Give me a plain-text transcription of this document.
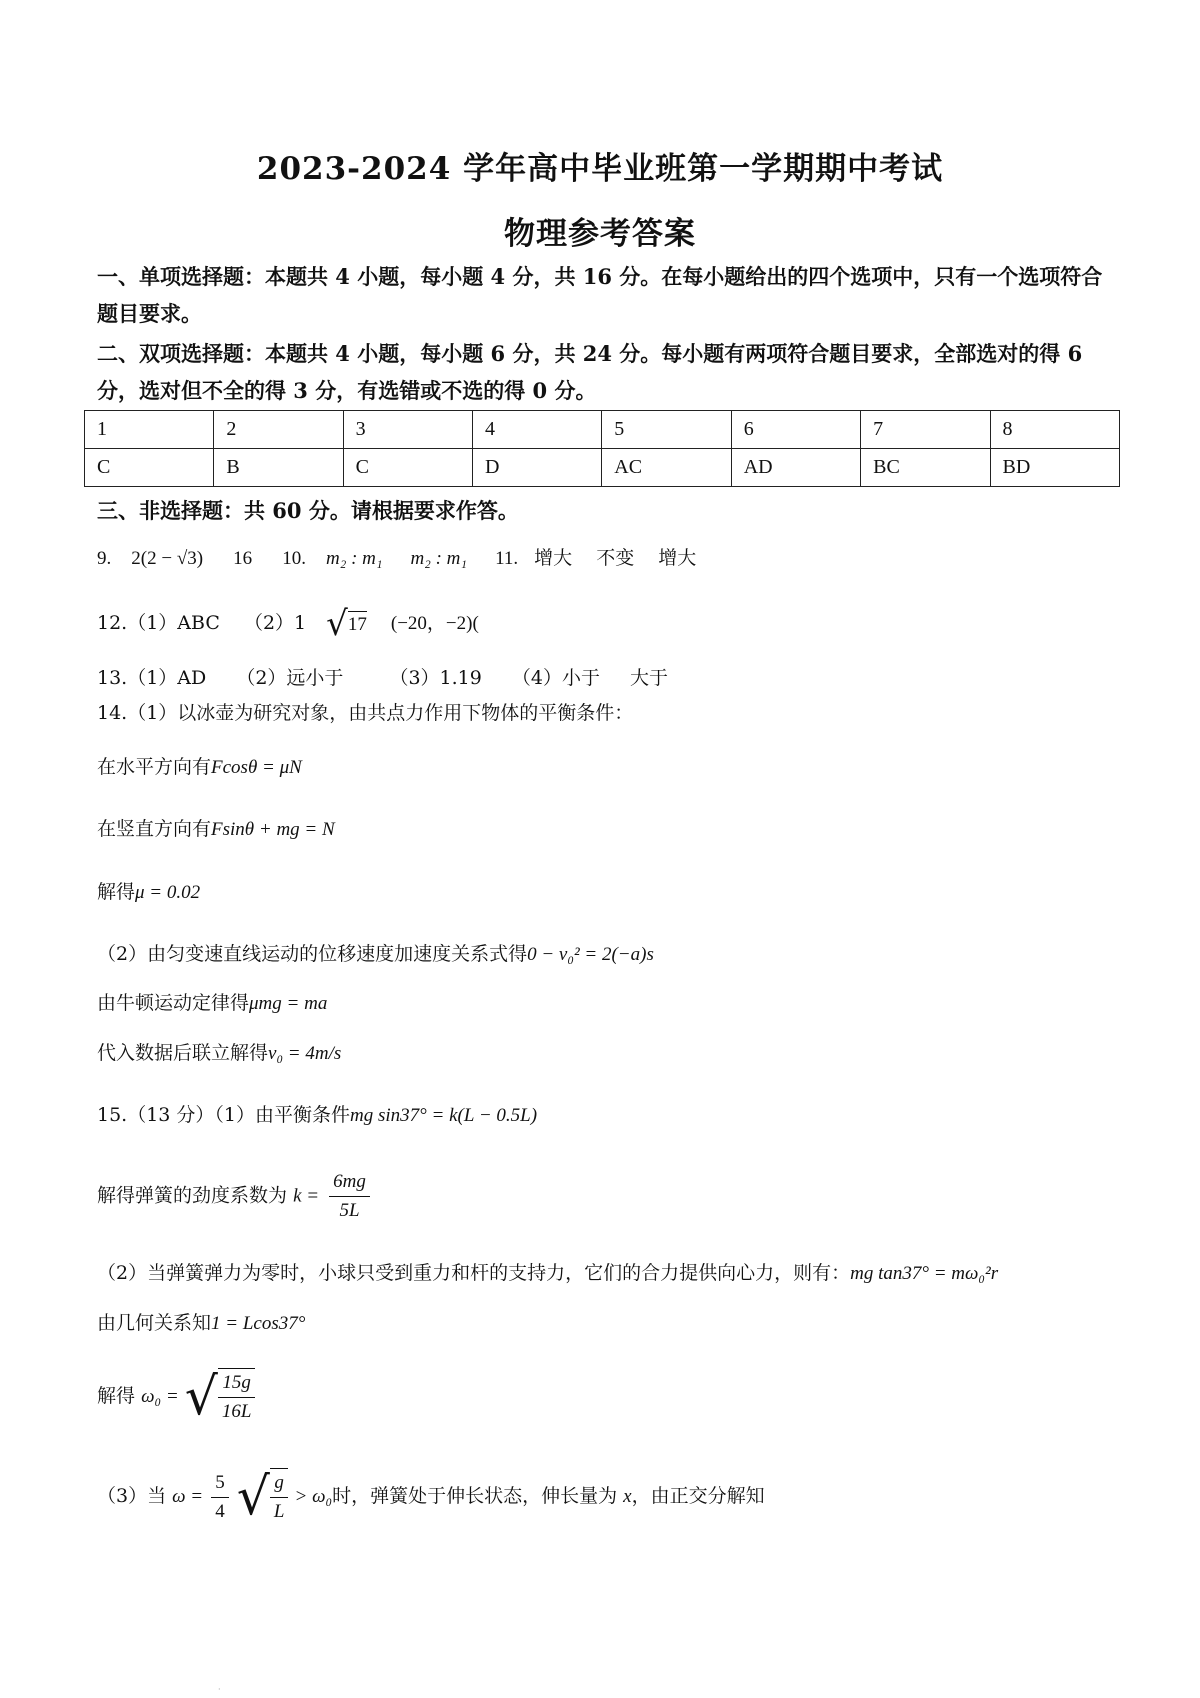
2023-2024 学年高中毕业班第一学期期中考试
物理参考答案
一、单项选择题：本题共 4 小题，每小题 4 分，共 16 分。在每小题给出的四个选项中，只有一个选项符合题目要求。
二、双项选择题：本题共 4 小题，每小题 6 分，共 24 分。每小题有两项符合题目要求，全部选对的得 6 分，选对但不全的得 3 分，有选错或不选的得 0 分。
1	2	3	4	5	6	7	8
C	B	C	D	AC	AD	BC	BD
三、非选择题：共 60 分。请根据要求作答。
9. 2(2 − √3) 16 10. m₂ : m₁ m₂ : m₁ 11. 增大 不变 增大
12.（1）ABC （2）1 √17 (−20，−2)(
13.（1）AD （2）远小于 （3）1.19 （4）小于 大于
14.（1）以冰壶为研究对象，由共点力作用下物体的平衡条件：
在水平方向有Fcosθ = μN
在竖直方向有Fsinθ + mg = N
解得μ = 0.02
（2）由匀变速直线运动的位移速度加速度关系式得0 − v₀² = 2(−a)s
由牛顿运动定律得μmg = ma
代入数据后联立解得v₀ = 4m/s
15.（13 分）（1）由平衡条件mg sin37° = k(L − 0.5L)
解得弹簧的劲度系数为 $k = \frac{6mg}{5L}$
（2）当弹簧弹力为零时，小球只受到重力和杆的支持力，它们的合力提供向心力，则有：mg tan37° = mω₀²r
由几何关系知1 = Lcos37°
解得 ω₀ = √ $\frac{15g}{16L}$
（3）当 $\omega = \frac{5}{4}$ √ $\frac{g}{L} > \omega_0$时，弹簧处于伸长状态，伸长量为 x，由正交分解知
·
